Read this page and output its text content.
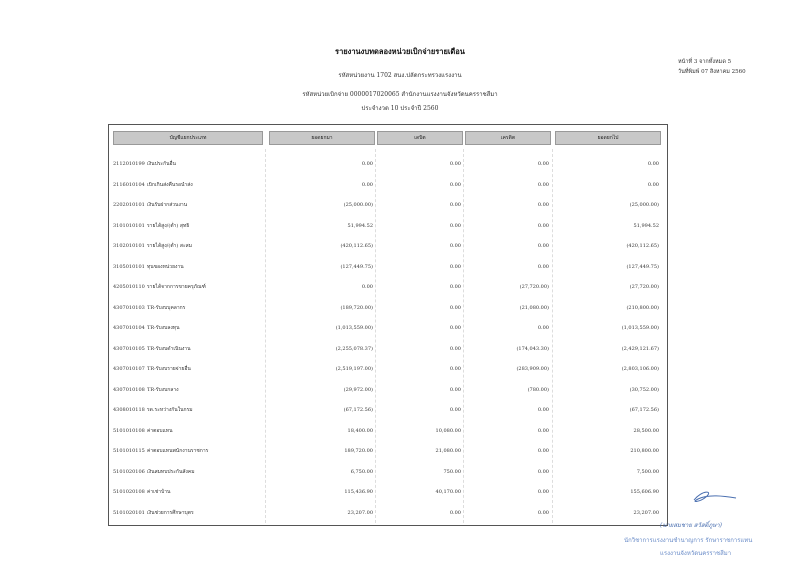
รายงานงบทดลองหน่วยเบิกจ่ายรายเดือน
รหัสหน่วยงาน 1702 สนง.ปลัดกระทรวงแรงงาน
รหัสหน่วยเบิกจ่าย 0000017020065 สำนักงานแรงงานจังหวัดนครราชสีมา
ประจำงวด 10 ประจำปี 2560
หน้าที่ 3 จากทั้งหมด 5
วันที่พิมพ์ 07 สิงหาคม 2560
บัญชีแยกประเภท	ยอดยกมา	เดบิต	เครดิต	ยอดยกไป
2112010199 เงินประกันอื่น	0.00	0.00	0.00	0.00
2116010104 เบิกเกินส่งคืนรอนำส่ง	0.00	0.00	0.00	0.00
2202010101 เงินรับฝากส่วนงาน	(25,000.00)	0.00	0.00	(25,000.00)
3101010101 รายได้สูง/(ต่ำ) สุทธิ	51,994.52	0.00	0.00	51,994.52
3102010101 รายได้สูง/(ต่ำ) สะสม	(420,112.65)	0.00	0.00	(420,112.65)
3105010101 ทุนของหน่วยงาน	(127,449.75)	0.00	0.00	(127,449.75)
4205010110 รายได้จากการขายครุภัณฑ์	0.00	0.00	(27,720.00)	(27,720.00)
4307010103 TR-รับงบบุคลากร	(189,720.00)	0.00	(21,080.00)	(210,800.00)
4307010104 TR-รับงบลงทุน	(1,013,559.00)	0.00	0.00	(1,013,559.00)
4307010105 TR-รับงบดำเนินงาน	(2,255,078.37)	0.00	(174,043.30)	(2,429,121.67)
4307010107 TR-รับงบรายจ่ายอื่น	(2,519,197.00)	0.00	(283,909.00)	(2,803,106.00)
4307010108 TR-รับงบกลาง	(29,972.00)	0.00	(780.00)	(30,752.00)
4308010118 รด.ระหว่างกันในกรม	(67,172.56)	0.00	0.00	(67,172.56)
5101010108 ค่าตอบแทน	18,400.00	10,080.00	0.00	28,500.00
5101010115 ค่าตอบแทนพนักงานราชการ	189,720.00	21,080.00	0.00	210,800.00
5101020106 เงินสมทบประกันสังคม	6,750.00	750.00	0.00	7,500.00
5101020108 ค่าเช่าบ้าน	115,436.90	40,170.00	0.00	155,606.90
5101020101 เงินช่วยการศึกษาบุตร	23,207.00	0.00	0.00	23,207.00
(นายสมชาย สวัสดิ์ภูษา)
นักวิชาการแรงงานชำนาญการ รักษาราชการแทน
แรงงานจังหวัดนครราชสีมา
